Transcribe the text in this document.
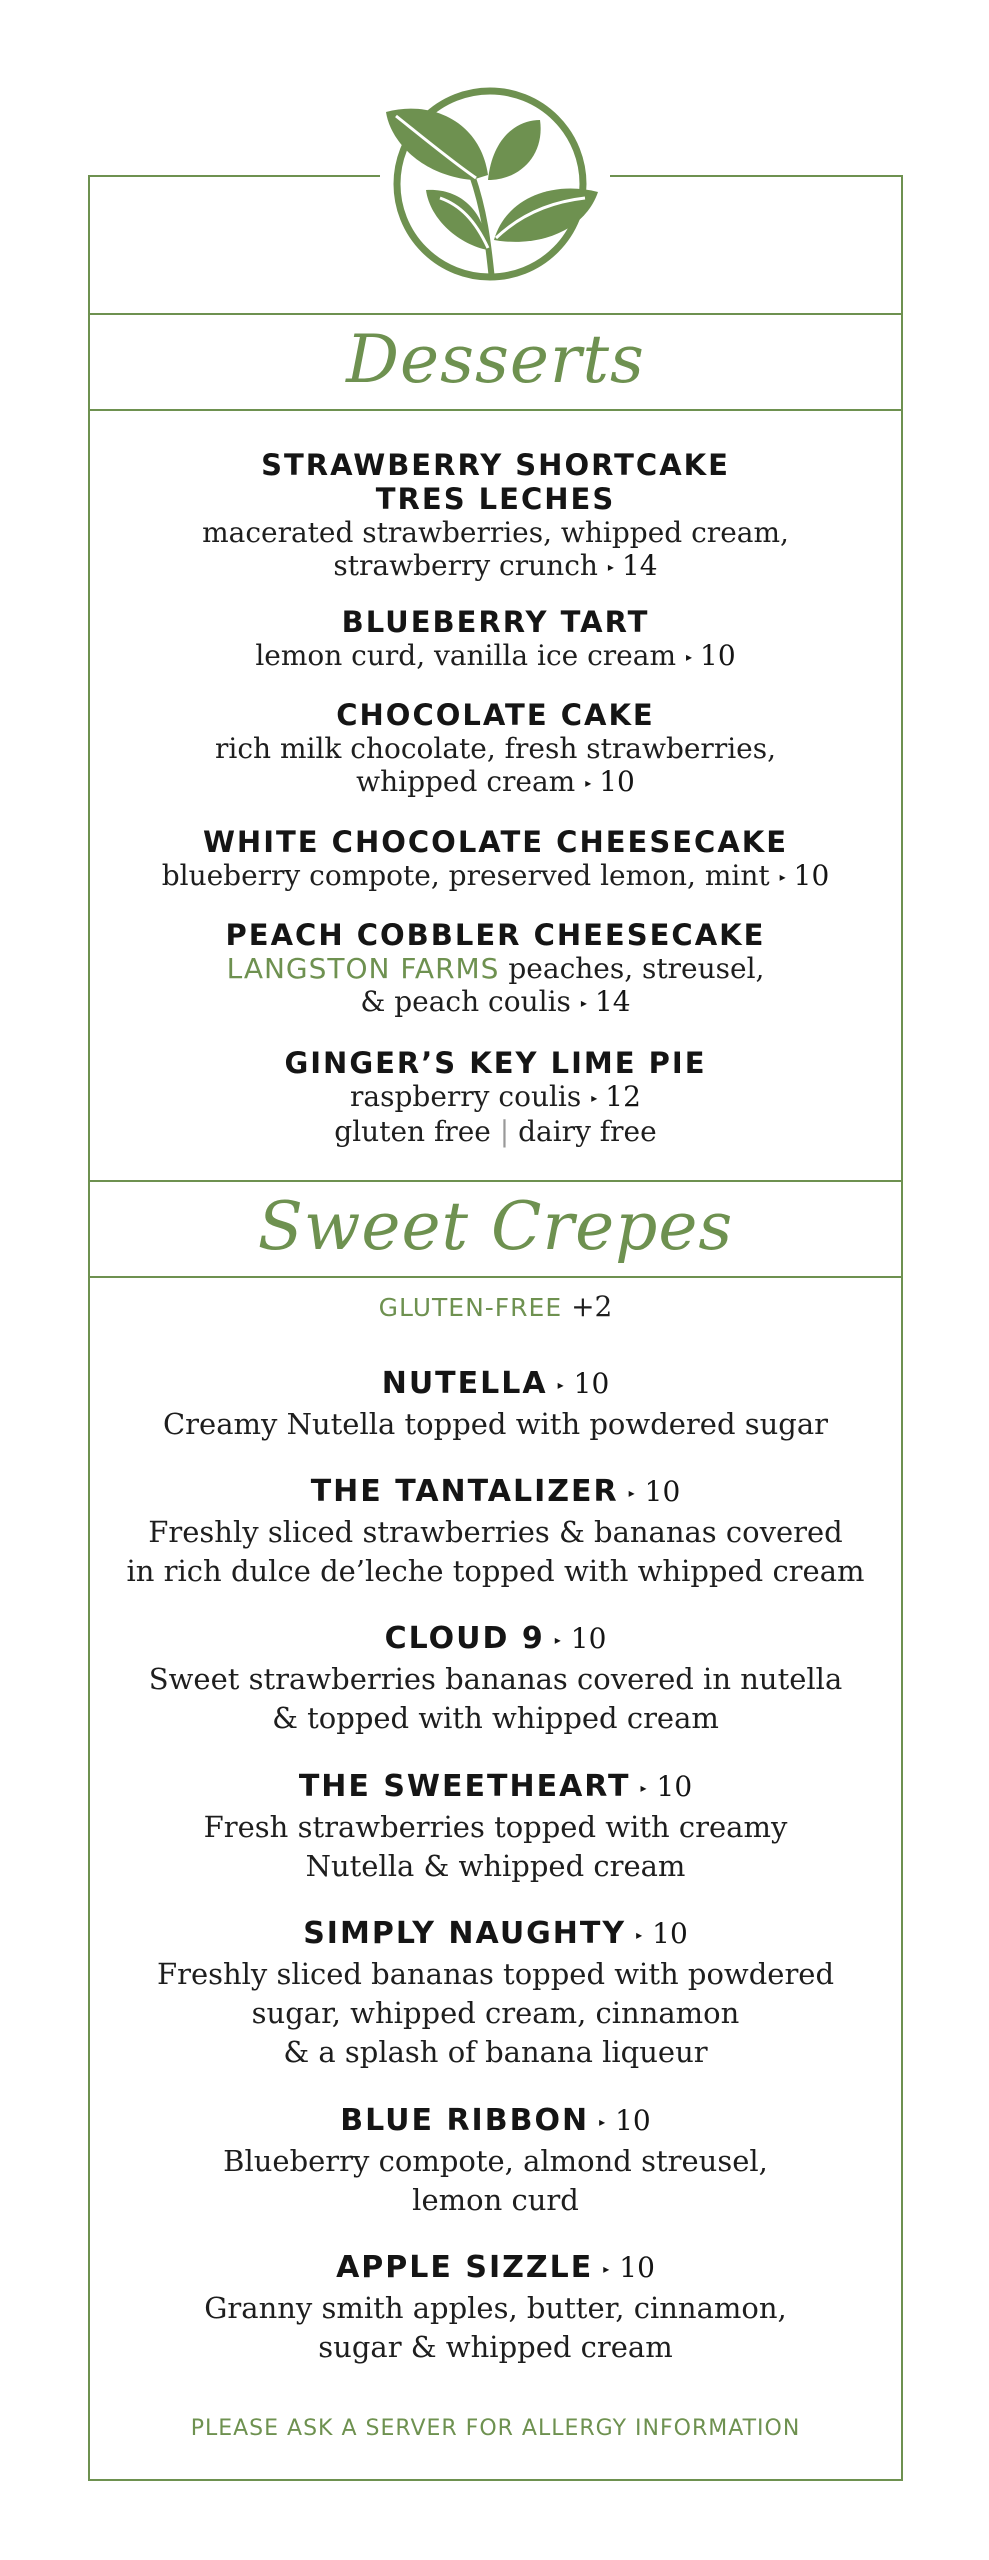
Desserts
STRAWBERRY SHORTCAKE
TRES LECHES
macerated strawberries, whipped cream,
strawberry crunch ▸ 14
BLUEBERRY TART
lemon curd, vanilla ice cream ▸ 10
CHOCOLATE CAKE
rich milk chocolate, fresh strawberries,
whipped cream ▸ 10
WHITE CHOCOLATE CHEESECAKE
blueberry compote, preserved lemon, mint ▸ 10
PEACH COBBLER CHEESECAKE
LANGSTON FARMS peaches, streusel,
& peach coulis ▸ 14
GINGER’S KEY LIME PIE
raspberry coulis ▸ 12
gluten free | dairy free
Sweet Crepes
GLUTEN-FREE +2
NUTELLA ▸ 10
Creamy Nutella topped with powdered sugar
THE TANTALIZER ▸ 10
Freshly sliced strawberries & bananas covered
in rich dulce de’leche topped with whipped cream
CLOUD 9 ▸ 10
Sweet strawberries bananas covered in nutella
& topped with whipped cream
THE SWEETHEART ▸ 10
Fresh strawberries topped with creamy
Nutella & whipped cream
SIMPLY NAUGHTY ▸ 10
Freshly sliced bananas topped with powdered
sugar, whipped cream, cinnamon
& a splash of banana liqueur
BLUE RIBBON ▸ 10
Blueberry compote, almond streusel,
lemon curd
APPLE SIZZLE ▸ 10
Granny smith apples, butter, cinnamon,
sugar & whipped cream
PLEASE ASK A SERVER FOR ALLERGY INFORMATION
